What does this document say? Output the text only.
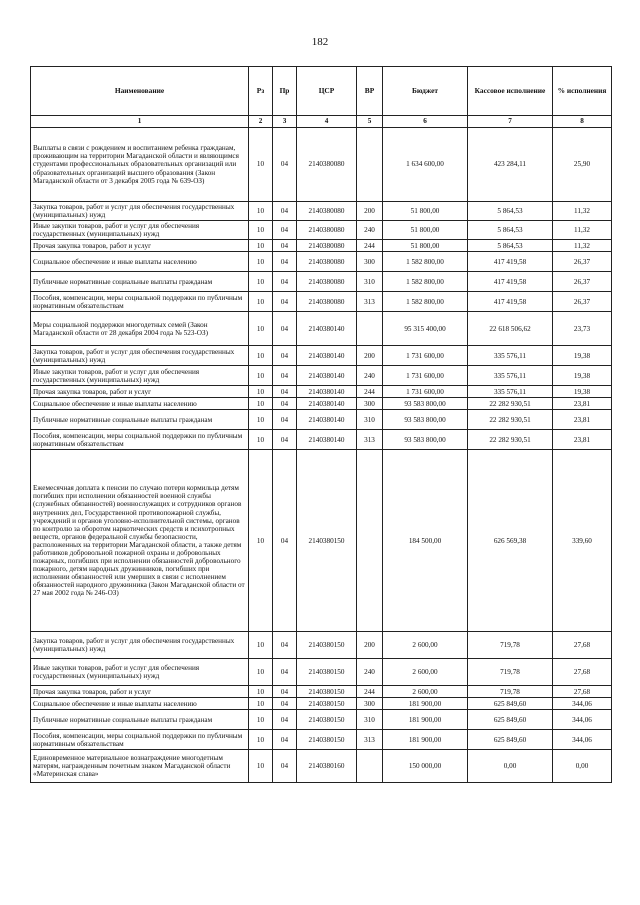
182
Наименование	Рз	Пр	ЦСР	ВР	Бюджет	Кассовое исполнение	% исполнения
1	2	3	4	5	6	7	8
Выплаты в связи с рождением и воспитанием ребенка гражданам, проживающим на территории Магаданской области и являющимся студентами профессиональных образовательных организаций или образовательных организаций высшего образования (Закон Магаданской области от 3 декабря 2005 года № 639-ОЗ)	10	04	2140380080		1 634 600,00	423 284,11	25,90
Закупка товаров, работ и услуг для обеспечения государственных (муниципальных) нужд	10	04	2140380080	200	51 800,00	5 864,53	11,32
Иные закупки товаров, работ и услуг для обеспечения государственных (муниципальных) нужд	10	04	2140380080	240	51 800,00	5 864,53	11,32
Прочая закупка товаров, работ и услуг	10	04	2140380080	244	51 800,00	5 864,53	11,32
Социальное обеспечение и иные выплаты населению	10	04	2140380080	300	1 582 800,00	417 419,58	26,37
Публичные нормативные социальные выплаты гражданам	10	04	2140380080	310	1 582 800,00	417 419,58	26,37
Пособия, компенсации, меры социальной поддержки по публичным нормативным обязательствам	10	04	2140380080	313	1 582 800,00	417 419,58	26,37
Меры социальной поддержки многодетных семей (Закон Магаданской области от 28 декабря 2004 года № 523-ОЗ)	10	04	2140380140		95 315 400,00	22 618 506,62	23,73
Закупка товаров, работ и услуг для обеспечения государственных (муниципальных) нужд	10	04	2140380140	200	1 731 600,00	335 576,11	19,38
Иные закупки товаров, работ и услуг для обеспечения государственных (муниципальных) нужд	10	04	2140380140	240	1 731 600,00	335 576,11	19,38
Прочая закупка товаров, работ и услуг	10	04	2140380140	244	1 731 600,00	335 576,11	19,38
Социальное обеспечение и иные выплаты населению	10	04	2140380140	300	93 583 800,00	22 282 930,51	23,81
Публичные нормативные социальные выплаты гражданам	10	04	2140380140	310	93 583 800,00	22 282 930,51	23,81
Пособия, компенсации, меры социальной поддержки по публичным нормативным обязательствам	10	04	2140380140	313	93 583 800,00	22 282 930,51	23,81
Ежемесячная доплата к пенсии по случаю потери кормильца детям погибших при исполнении обязанностей военной службы (служебных обязанностей) военнослужащих и сотрудников органов внутренних дел, Государственной противопожарной службы, учреждений и органов уголовно-исполнительной системы, органов по контролю за оборотом наркотических средств и психотропных веществ, органов федеральной службы безопасности, расположенных на территории Магаданской области, а также детям работников добровольной пожарной охраны и добровольных пожарных, погибших при исполнении обязанностей добровольного пожарного, детям народных дружинников, погибших при исполнении обязанностей или умерших в связи с исполнением обязанностей народного дружинника (Закон Магаданской области от 27 мая 2002 года № 246-ОЗ)	10	04	2140380150		184 500,00	626 569,38	339,60
Закупка товаров, работ и услуг для обеспечения государственных (муниципальных) нужд	10	04	2140380150	200	2 600,00	719,78	27,68
Иные закупки товаров, работ и услуг для обеспечения государственных (муниципальных) нужд	10	04	2140380150	240	2 600,00	719,78	27,68
Прочая закупка товаров, работ и услуг	10	04	2140380150	244	2 600,00	719,78	27,68
Социальное обеспечение и иные выплаты населению	10	04	2140380150	300	181 900,00	625 849,60	344,06
Публичные нормативные социальные выплаты гражданам	10	04	2140380150	310	181 900,00	625 849,60	344,06
Пособия, компенсации, меры социальной поддержки по публичным нормативным обязательствам	10	04	2140380150	313	181 900,00	625 849,60	344,06
Единовременное материальное вознаграждение многодетным матерям, награжденным почетным знаком Магаданской области «Материнская слава»	10	04	2140380160		150 000,00	0,00	0,00
